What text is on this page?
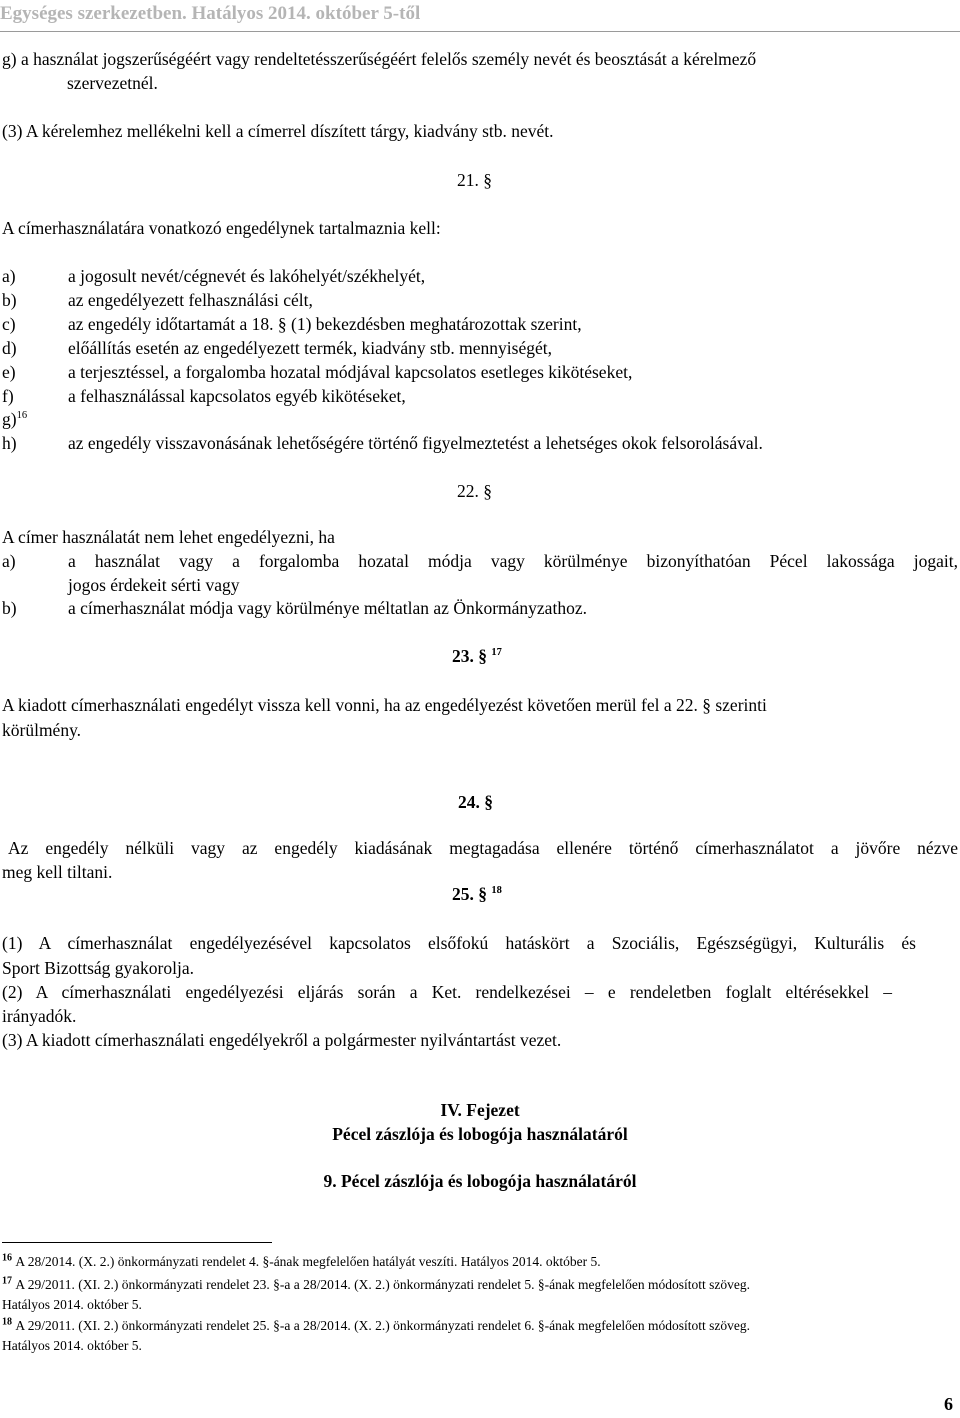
Egységes szerkezetben. Hatályos 2014. október 5-től
g) a használat jogszerűségéért vagy rendeltetésszerűségéért felelős személy nevét és beosztását a kérelmező
szervezetnél.
(3) A kérelemhez mellékelni kell a címerrel díszített tárgy, kiadvány stb. nevét.
21. §
A címerhasználatára vonatkozó engedélynek tartalmaznia kell:
a)	a jogosult nevét/cégnevét és lakóhelyét/székhelyét,
b)	az engedélyezett felhasználási célt,
c)	az engedély időtartamát a 18. § (1) bekezdésben meghatározottak szerint,
d)	előállítás esetén az engedélyezett termék, kiadvány stb. mennyiségét,
e)	a terjesztéssel, a forgalomba hozatal módjával kapcsolatos esetleges kikötéseket,
f)	a felhasználással kapcsolatos egyéb kikötéseket,
g)$^{16}$
h)	az engedély visszavonásának lehetőségére történő figyelmeztetést a lehetséges okok felsorolásával.
22. §
A címer használatát nem lehet engedélyezni, ha
a)	a használat vagy a forgalomba hozatal módja vagy körülménye bizonyíthatóan Pécel lakossága jogait,
jogos érdekeit sérti vagy
b)	a címerhasználat módja vagy körülménye méltatlan az Önkormányzathoz.
23. § $^{17}$
A kiadott címerhasználati engedélyt vissza kell vonni, ha az engedélyezést követően merül fel a 22. § szerinti
körülmény.
24. §
Az engedély nélküli vagy az engedély kiadásának megtagadása ellenére történő címerhasználatot a jövőre nézve
meg kell tiltani.
25. § $^{18}$
(1) A címerhasználat engedélyezésével kapcsolatos elsőfokú hatáskört a Szociális, Egészségügyi, Kulturális és
Sport Bizottság gyakorolja.
(2) A címerhasználati engedélyezési eljárás során a Ket. rendelkezései – e rendeletben foglalt eltérésekkel –
irányadók.
(3) A kiadott címerhasználati engedélyekről a polgármester nyilvántartást vezet.
IV. Fejezet
Pécel zászlója és lobogója használatáról
9. Pécel zászlója és lobogója használatáról
$^{16}$ A 28/2014. (X. 2.) önkormányzati rendelet 4. §-ának megfelelően hatályát veszíti. Hatályos 2014. október 5.
$^{17}$ A 29/2011. (XI. 2.) önkormányzati rendelet 23. §-a a 28/2014. (X. 2.) önkormányzati rendelet 5. §-ának megfelelően módosított szöveg.
Hatályos 2014. október 5.
$^{18}$ A 29/2011. (XI. 2.) önkormányzati rendelet 25. §-a a 28/2014. (X. 2.) önkormányzati rendelet 6. §-ának megfelelően módosított szöveg.
Hatályos 2014. október 5.
6
